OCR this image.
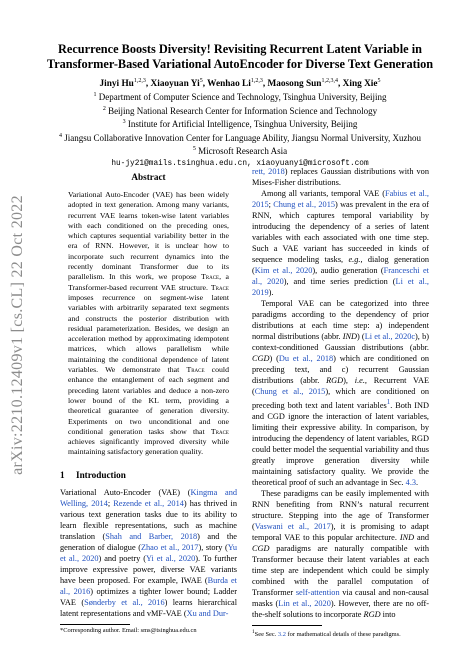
arXiv:2210.12409v1 [cs.CL] 22 Oct 2022
Recurrence Boosts Diversity! Revisiting Recurrent Latent Variable in
Transformer-Based Variational AutoEncoder for Diverse Text Generation
Jinyi Hu$^{1,2,3}$, Xiaoyuan Yi$^5$, Wenhao Li$^{1,2,3}$, Maosong Sun$^{1,2,3,4}$, Xing Xie$^5$
$^1$ Department of Computer Science and Technology, Tsinghua University, Beijing
$^2$ Beijing National Research Center for Information Science and Technology
$^3$ Institute for Artificial Intelligence, Tsinghua University, Beijing
$^4$ Jiangsu Collaborative Innovation Center for Language Ability, Jiangsu Normal University, Xuzhou
$^5$ Microsoft Research Asia
hu-jy21@mails.tsinghua.edu.cn, xiaoyuanyi@microsoft.com
Abstract

Variational Auto-Encoder (VAE) has been widely adopted in text generation. Among many variants, recurrent VAE learns token-wise latent variables with each conditioned on the preceding ones, which captures sequential variability better in the era of RNN. However, it is unclear how to incorporate such recurrent dynamics into the recently dominant Transformer due to its parallelism. In this work, we propose Trace, a Transformer-based recurrent VAE structure. Trace imposes recurrence on segment-wise latent variables with arbitrarily separated text segments and constructs the posterior distribution with residual parameterization. Besides, we design an acceleration method by approximating idempotent matrices, which allows parallelism while maintaining the conditional dependence of latent variables. We demonstrate that Trace could enhance the entanglement of each segment and preceding latent variables and deduce a non-zero lower bound of the KL term, providing a theoretical guarantee of generation diversity. Experiments on two unconditional and one conditional generation tasks show that Trace achieves significantly improved diversity while maintaining satisfactory generation quality.

1 Introduction

Variational Auto-Encoder (VAE) (Kingma and Welling, 2014; Rezende et al., 2014) has thrived in various text generation tasks due to its ability to learn flexible representations, such as machine translation (Shah and Barber, 2018) and the generation of dialogue (Zhao et al., 2017), story (Yu et al., 2020) and poetry (Yi et al., 2020). To further improve expressive power, diverse VAE variants have been proposed. For example, IWAE (Burda et al., 2016) optimizes a tighter lower bound; Ladder VAE (Sønderby et al., 2016) learns hierarchical latent representations and vMF-VAE (Xu and Dur-

*Corresponding author. Email: sms@tsinghua.edu.cn

rett, 2018) replaces Gaussian distributions with von Mises-Fisher distributions.

Among all variants, temporal VAE (Fabius et al., 2015; Chung et al., 2015) was prevalent in the era of RNN, which captures temporal variability by introducing the dependency of a series of latent variables with each associated with one time step. Such a VAE variant has succeeded in kinds of sequence modeling tasks, e.g., dialog generation (Kim et al., 2020), audio generation (Franceschi et al., 2020), and time series prediction (Li et al., 2019).

Temporal VAE can be categorized into three paradigms according to the dependency of prior distributions at each time step: a) independent normal distributions (abbr. IND) (Li et al., 2020c), b) context-conditioned Gaussian distributions (abbr. CGD) (Du et al., 2018) which are conditioned on preceding text, and c) recurrent Gaussian distributions (abbr. RGD), i.e., Recurrent VAE (Chung et al., 2015), which are conditioned on preceding both text and latent variables$^1$. Both IND and CGD ignore the interaction of latent variables, limiting their expressive ability. In comparison, by introducing the dependency of latent variables, RGD could better model the sequential variability and thus greatly improve generation diversity while maintaining satisfactory quality. We provide the theoretical proof of such an advantage in Sec. 4.3.

These paradigms can be easily implemented with RNN benefiting from RNN’s natural recurrent structure. Stepping into the age of Transformer (Vaswani et al., 2017), it is promising to adapt temporal VAE to this popular architecture. IND and CGD paradigms are naturally compatible with Transformer because their latent variables at each time step are independent which could be simply combined with the parallel computation of Transformer self-attention via causal and non-causal masks (Lin et al., 2020). However, there are no off-the-shelf solutions to incorporate RGD into

$^1$See Sec. 3.2 for mathematical details of these paradigms.
